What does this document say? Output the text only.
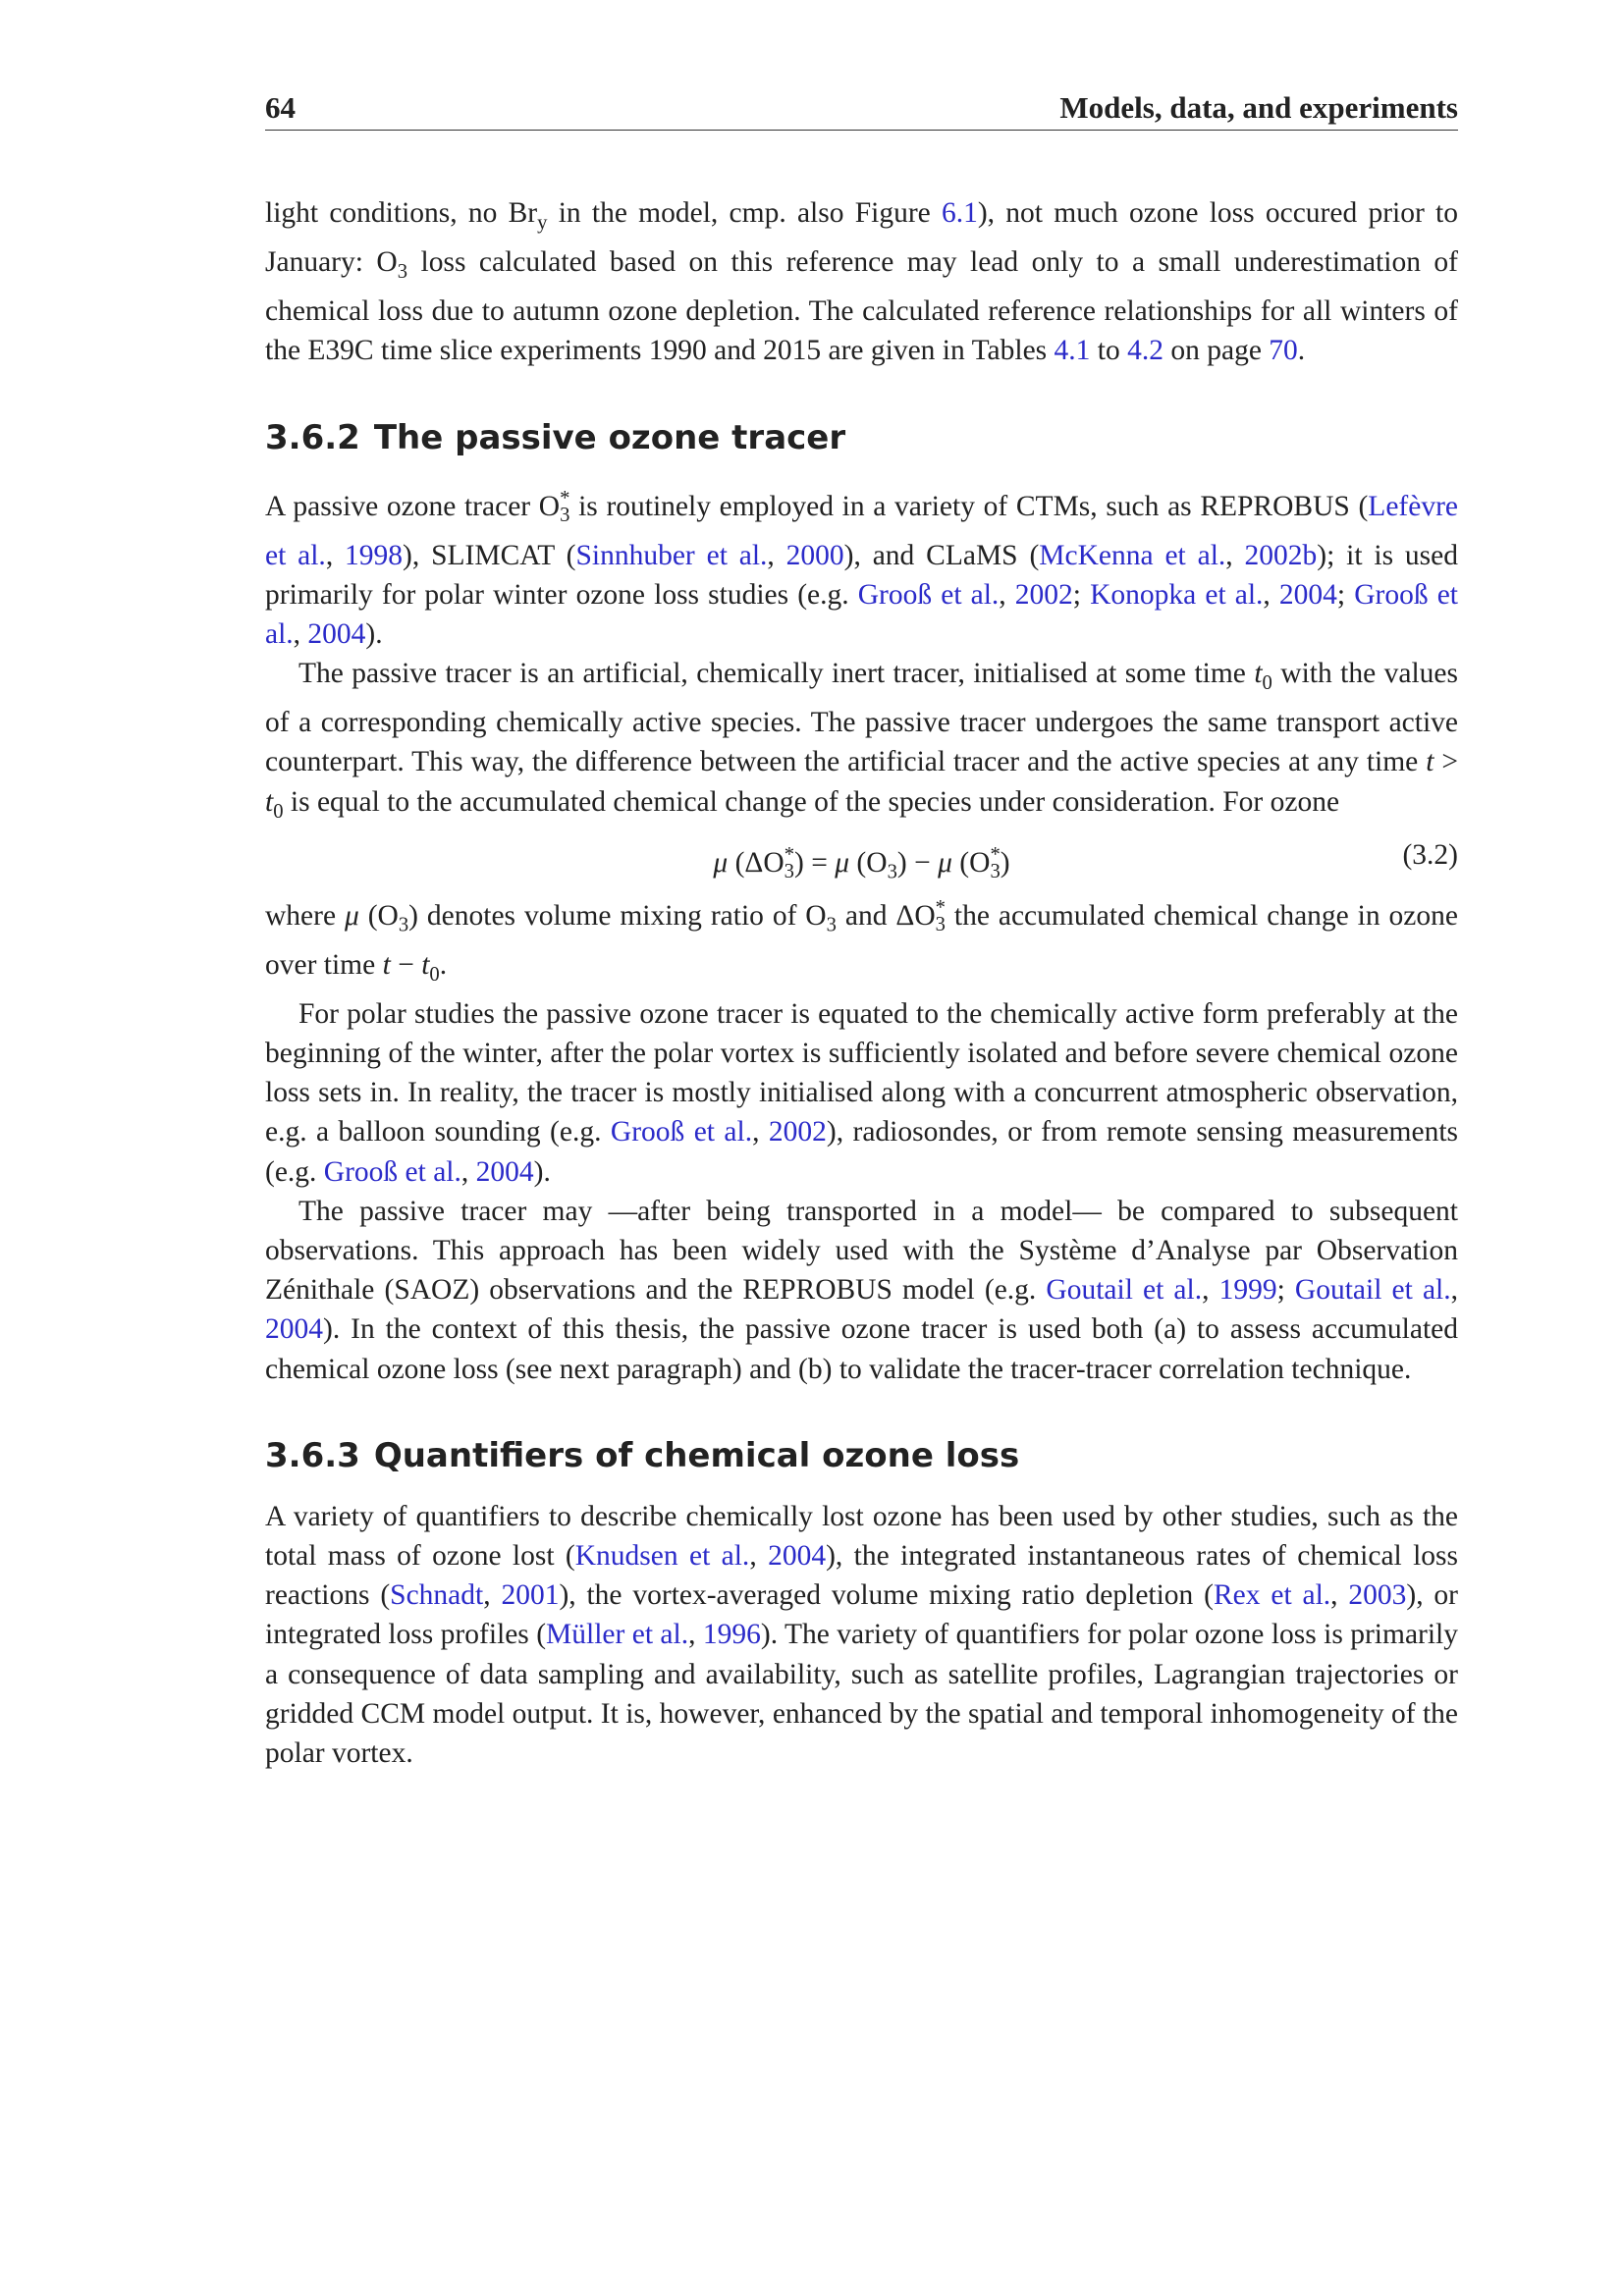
64	Models, data, and experiments

light conditions, no $Br_y$ in the model, cmp. also Figure 6.1), not much ozone loss occured prior to January: $O_3$ loss calculated based on this reference may lead only to a small underestimation of chemical loss due to autumn ozone depletion. The calculated reference relationships for all winters of the E39C time slice experiments 1990 and 2015 are given in Tables 4.1 to 4.2 on page 70.

3.6.2 The passive ozone tracer

A passive ozone tracer $O_3^*$ is routinely employed in a variety of CTMs, such as REPROBUS (Lefèvre et al., 1998), SLIMCAT (Sinnhuber et al., 2000), and CLaMS (McKenna et al., 2002b); it is used primarily for polar winter ozone loss studies (e.g. Grooß et al., 2002; Konopka et al., 2004; Grooß et al., 2004).

The passive tracer is an artificial, chemically inert tracer, initialised at some time $t_0$ with the values of a corresponding chemically active species. The passive tracer undergoes the same transport active counterpart. This way, the difference between the artificial tracer and the active species at any time $t > t_0$ is equal to the accumulated chemical change of the species under consideration. For ozone

μ $(\Delta O_3^*) = \mu$ $(O_3) - \mu$ $(O_3^*)$	(3.2)

where μ $(O_3)$ denotes volume mixing ratio of $O_3$ and $\Delta O_3^*$ the accumulated chemical change in ozone over time $t - t_0$.

For polar studies the passive ozone tracer is equated to the chemically active form preferably at the beginning of the winter, after the polar vortex is sufficiently isolated and before severe chemical ozone loss sets in. In reality, the tracer is mostly initialised along with a concurrent atmospheric observation, e.g. a balloon sounding (e.g. Grooß et al., 2002), radiosondes, or from remote sensing measurements (e.g. Grooß et al., 2004).

The passive tracer may —after being transported in a model— be compared to subsequent observations. This approach has been widely used with the Système d’Analyse par Observation Zénithale (SAOZ) observations and the REPROBUS model (e.g. Goutail et al., 1999; Goutail et al., 2004). In the context of this thesis, the passive ozone tracer is used both (a) to assess accumulated chemical ozone loss (see next paragraph) and (b) to validate the tracer-tracer correlation technique.

3.6.3 Quantifiers of chemical ozone loss

A variety of quantifiers to describe chemically lost ozone has been used by other studies, such as the total mass of ozone lost (Knudsen et al., 2004), the integrated instantaneous rates of chemical loss reactions (Schnadt, 2001), the vortex-averaged volume mixing ratio depletion (Rex et al., 2003), or integrated loss profiles (Müller et al., 1996). The variety of quantifiers for polar ozone loss is primarily a consequence of data sampling and availability, such as satellite profiles, Lagrangian trajectories or gridded CCM model output. It is, however, enhanced by the spatial and temporal inhomogeneity of the polar vortex.
